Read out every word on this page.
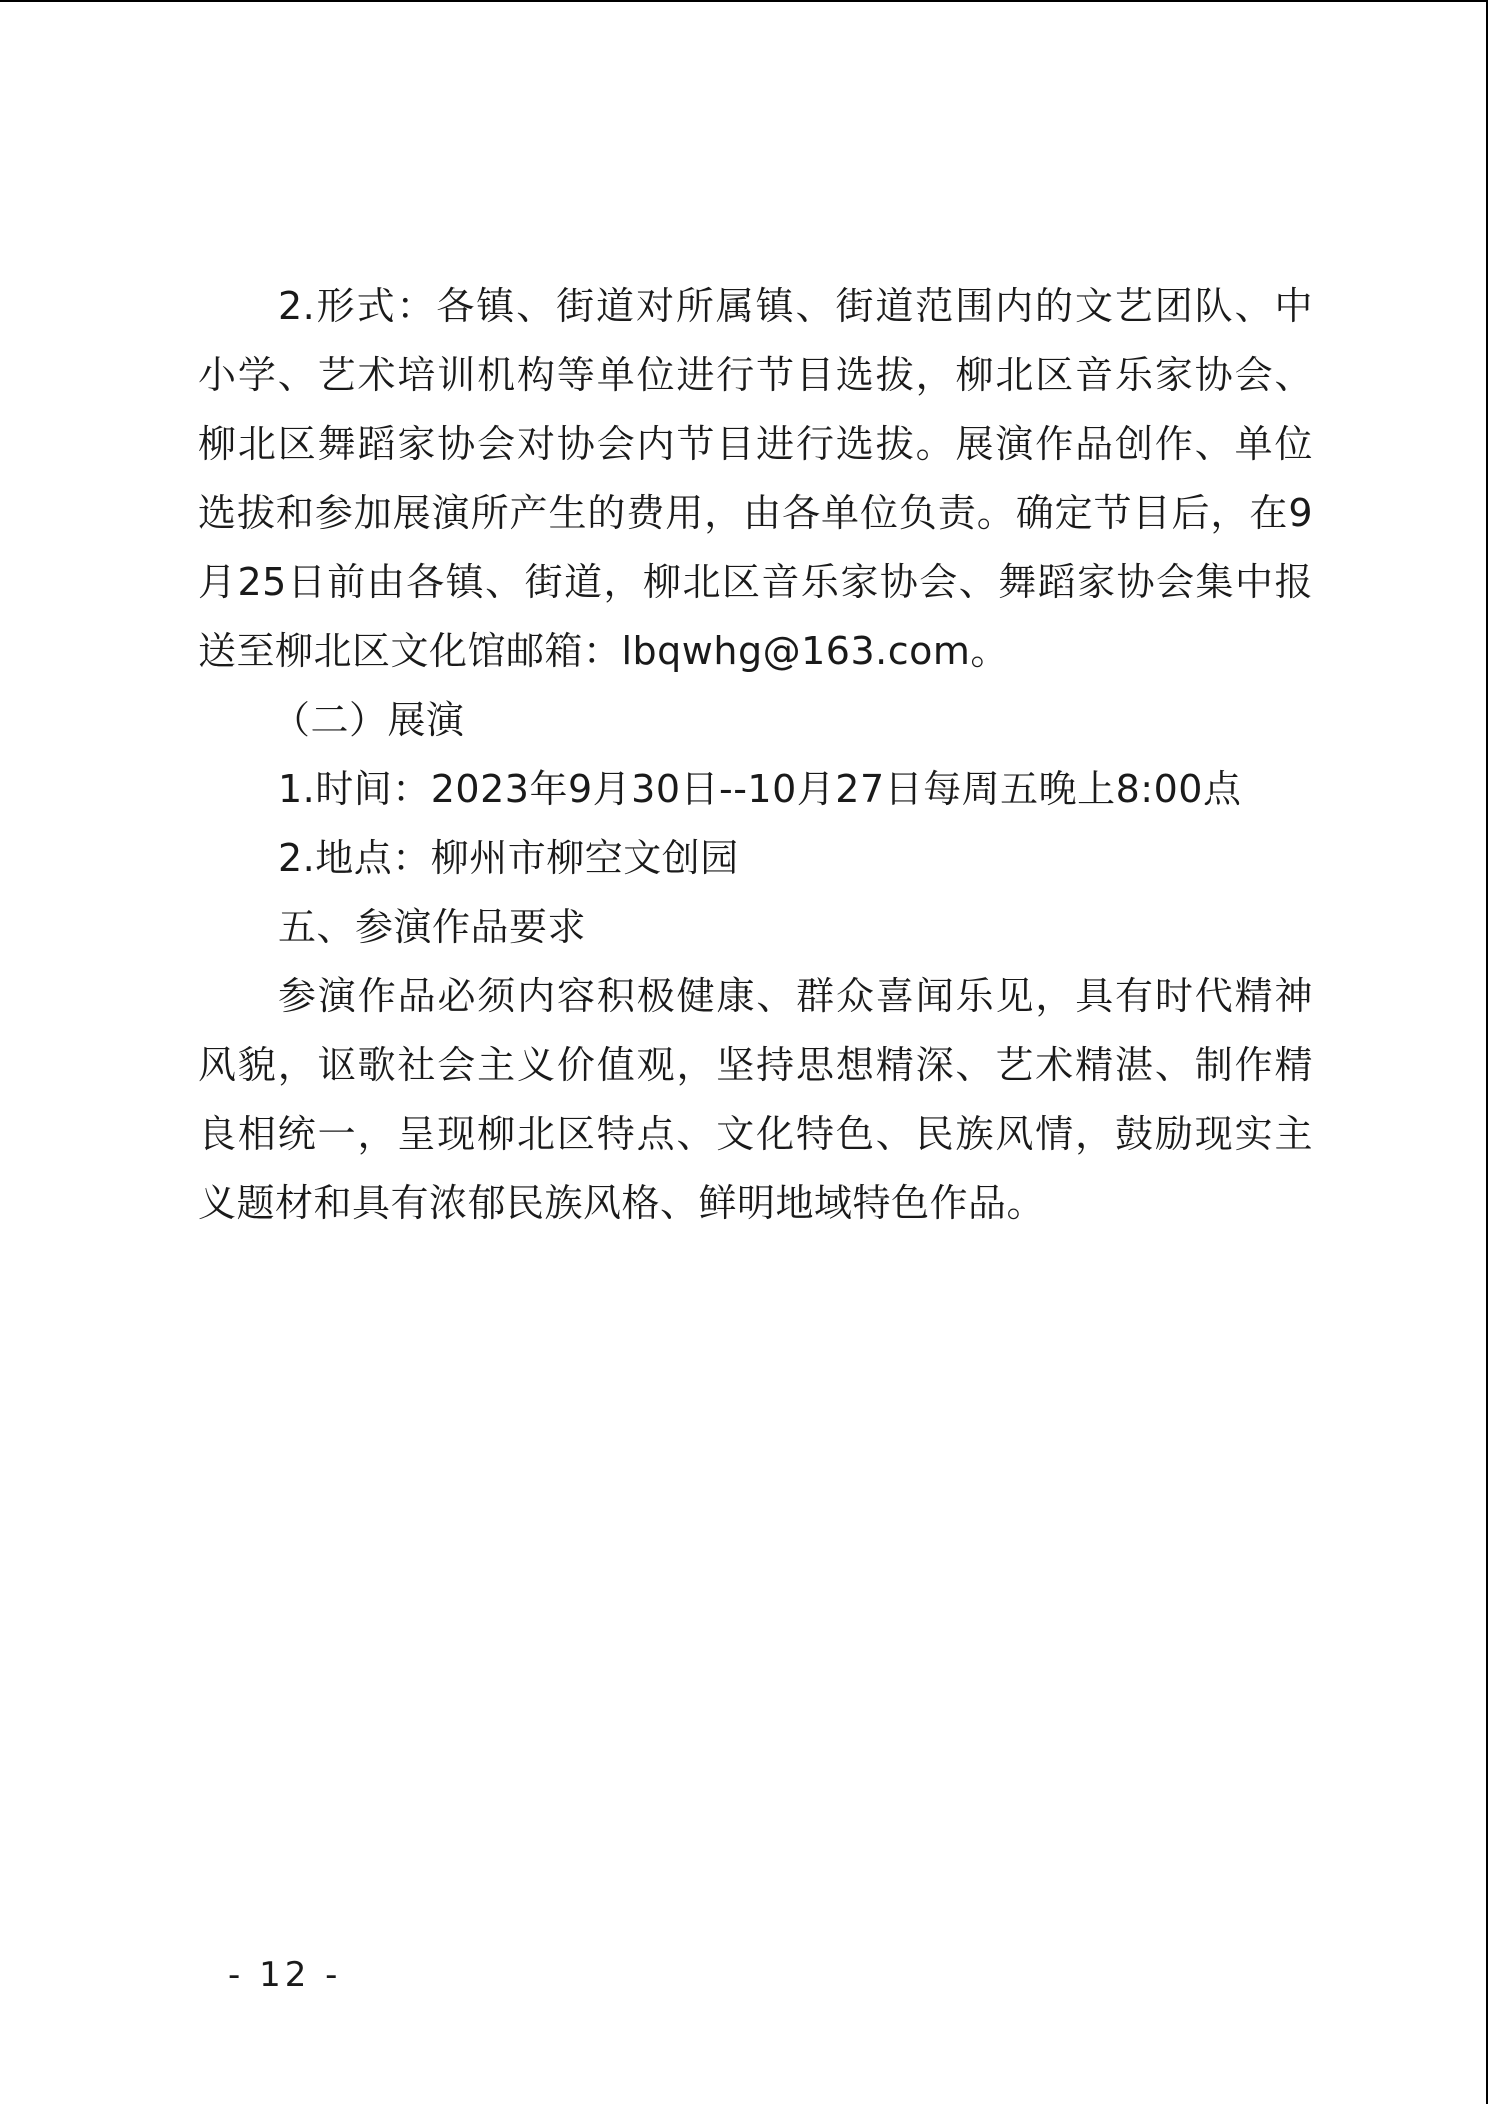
2.形式：各镇、街道对所属镇、街道范围内的文艺团队、中小学、艺术培训机构等单位进行节目选拔，柳北区音乐家协会、柳北区舞蹈家协会对协会内节目进行选拔。展演作品创作、单位选拔和参加展演所产生的费用，由各单位负责。确定节目后，在9月25日前由各镇、街道，柳北区音乐家协会、舞蹈家协会集中报送至柳北区文化馆邮箱：lbqwhg@163.com。

（二）展演

1.时间：2023年9月30日--10月27日每周五晚上8:00点

2.地点：柳州市柳空文创园

五、参演作品要求

参演作品必须内容积极健康、群众喜闻乐见，具有时代精神风貌，讴歌社会主义价值观，坚持思想精深、艺术精湛、制作精良相统一，呈现柳北区特点、文化特色、民族风情，鼓励现实主义题材和具有浓郁民族风格、鲜明地域特色作品。

- 12 -
